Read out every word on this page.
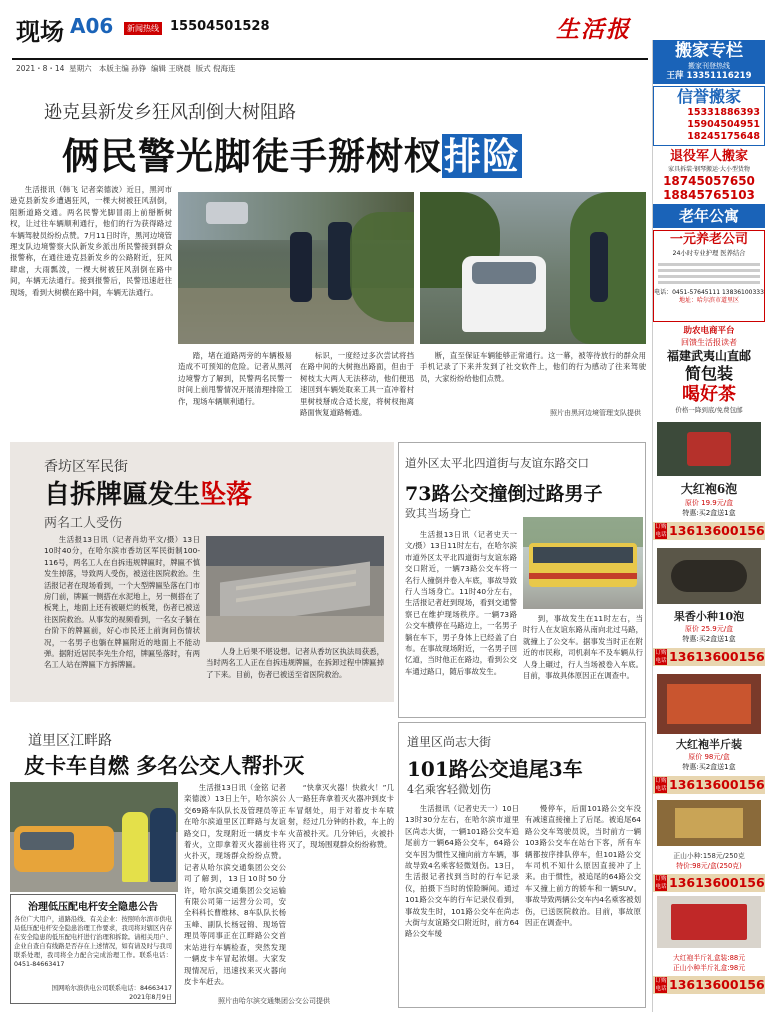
现场 A06	新闻热线 15504501528	生活报
2021・8・14  星期六   本版主编 孙铮  编辑 王晓晨  版式 倪海连
逊克县新发乡狂风刮倒大树阻路
俩民警光脚徒手掰树杈排险

生活报讯（韩飞 记者栾德波）近日，黑河市逊克县新发乡遭遇狂风，一棵大树被狂风刮倒，阻断道路交通。两名民警光脚冒雨上前掰断树杈，让过往车辆顺利通行，他们的行为获得路过车辆驾驶员纷纷点赞。7月11日时许，黑河边境管理支队边境警察大队新发乡派出所民警接到群众报警称，在通往逊克县新发乡的公路附近，狂风肆虐，大雨瓢泼，一棵大树被狂风刮倒在路中间，车辆无法通行。接到报警后，民警迅速赶往现场，看到大树横在路中间，车辆无法通行。

踏，堵在道路两旁的车辆极易造成不可预知的危险。记者从黑河边境警方了解到，民警两名民警一时间上前甩警情况开展清理排险工作，现场车辆顺利通行。

标识，一度经过多次尝试将挡在路中间的大树拖出路面，但由于树枝太大两人无法移动，他们便迅速回到车辆处取来工具一直冲着村里树枝掰成合适长度，将树杈拖离路面恢复道路畅通。

断，直至保证车辆能够正常通行。这一幕，被等待放行的群众用手机记录了下来并发到了社交软件上，他们的行为感动了往来驾驶员，大家纷纷给他们点赞。

照片由黑河边境管理支队提供
香坊区军民街
自拆牌匾发生坠落
两名工人受伤

生活报13日讯（记者肖幼平文/摄）13日10时40分，在哈尔滨市香坊区军民街制100-116号，两名工人在自拆违规牌匾时，牌匾不慎发生掉落，导致两人受伤，被送往医院救治。生活报记者在现场看到，一个大型牌匾坠落在门市房门前，牌匾一侧搭在水泥地上，另一侧搭在了板凳上，地面上还有被砸烂的板凳，伤者已被送往医院救治。从事发的视频看到，一名女子躺在台阶下的牌匾前，好心市民还上前询问伤情状况，一名男子也躺在牌匾附近的地面上不能动弹。据附近居民李先生介绍，牌匾坠落时，有两名工人站在牌匾下方拆牌匾。

人身上后果不堪设想。记者从香坊区执法局获悉，当时两名工人正在自拆违规牌匾，在拆卸过程中牌匾掉了下来。目前，伤者已被送至省医院救治。

道外区太平北四道街与友谊东路交口
73路公交撞倒过路男子
致其当场身亡

生活报13日讯（记者史天一文/摄）13日11时左右，在哈尔滨市道外区太平北四道街与友谊东路交口附近，一辆73路公交车将一名行人撞倒并卷入车底，事故导致行人当场身亡。11时40分左右，生活报记者赶到现场，看到交通警察已在维护现场秩序。一辆73路公交车横停在马路边上，一名男子躺在车下，男子身体上已经盖了白布。在事故现场附近，一名男子回忆道，当时他正在路边，看到公交车通过路口，随后事故发生。

到，事故发生在11时左右，当时行人在友谊东路从南向北过马路，就撞上了公交车。据事发当时正在附近的市民称，司机刹车不及车辆从行人身上碾过，行人当场被卷入车底。目前，事故具体原因正在调查中。

道里区江畔路
皮卡车自燃 多名公交人帮扑灭

生活报13日讯（金铭 记者栾德波）13日上午，哈尔滨公交69路车队队长及管理员等正在哈尔滨道里区江畔路与友谊路交口，发现附近一辆皮卡车着火，立即拿着灭火器前往将火扑灭，现场群众纷纷点赞。记者从哈尔滨交通集团公交公司了解到，13日10时50分许，哈尔滨交通集团公交运输有限公司第一运营分公司，安全科科长曹维林、8车队队长杨玉峰、副队长杨冠锦、现场管理员等同事正在江畔路公交首末站进行车辆检查，突然发现一辆皮卡车冒起浓烟。大家发现情况后，迅速找来灭火器向皮卡车赶去。

“快拿灭火器！快救火！”几人一路狂奔拿着灭火器冲到皮卡车冒烟处，用于对着皮卡车喷射，经过几分钟的扑救，车上的火苗被扑灭。几分钟后，火被扑灭了，现场围观群众纷纷称赞。

照片由哈尔滨交通集团公交公司提供
治理低压配电杆安全隐患公告
各位广大用户，道路沿线、有关企业：按照哈尔滨市供电局低压配电杆安全隐患治理工作要求，我司将对辖区内存在安全隐患的低压配电杆进行治理和拆除。请相关用户、企业自查自有线路是否存在上述情况，如有请及时与我司联系处理，我司将全力配合完成治理工作。联系电话：0451-84663417
国网哈尔滨供电公司联系电话：84663417
2021年8月9日
道里区尚志大街
101路公交追尾3车
4名乘客轻微划伤

生活报讯（记者史天一）10日13时30分左右，在哈尔滨市道里区尚志大街，一辆101路公交车追尾前方一辆64路公交车，64路公交车因为惯性又撞向前方车辆，事故导致4名乘客轻微划伤。13日，生活报记者找到当时的行车记录仪，拍摄下当时的惊险瞬间。通过101路公交车的行车记录仪看到，事故发生时，101路公交车在尚志大街与友谊路交口附近时，前方64路公交车缓

慢停车，后面101路公交车没有减速直接撞上了后尾。被追尾64路公交车驾驶员说，当时前方一辆103路公交车在站台下客，所有车辆都按序排队停车，但101路公交车司机不知什么原因直接冲了上来。由于惯性，被追尾的64路公交车又撞上前方的轿车和一辆SUV。事故导致两辆公交车内4名乘客被划伤，已送医院救治。目前，事故原因正在调查中。

搬家专栏
搬家刊登热线
王萍 13351116219
信誉搬家
15331886393
15904504951
18245175648
退役军人搬家
家具拆装·钢琴搬运·大小型货物
18745057650
18845765103
老年公寓
一元养老公司
24小时专业护理 医养结合
电话：0451-57645111 13836100333
地址：哈尔滨市道里区
助农电商平台
回馈生活报读者
福建武夷山直邮
简包装
喝好茶
价格一降到底/免费包邮
大红袍6泡
原价 19.9元/盒
特惠:买2盒送1盒
订购电话 13613600156
果香小种10泡
原价 25.9元/盒
特惠:买2盒送1盒
订购电话 13613600156
大红袍半斤装
原价 98元/盒
特惠:买2盒送1盒
订购电话 13613600156
正山小种:158元/250克
特价:98元/盒(250克)
订购电话 13613600156
大红袍半斤礼盒装:88元
正山小种半斤礼盒:98元
订购电话 13613600156
